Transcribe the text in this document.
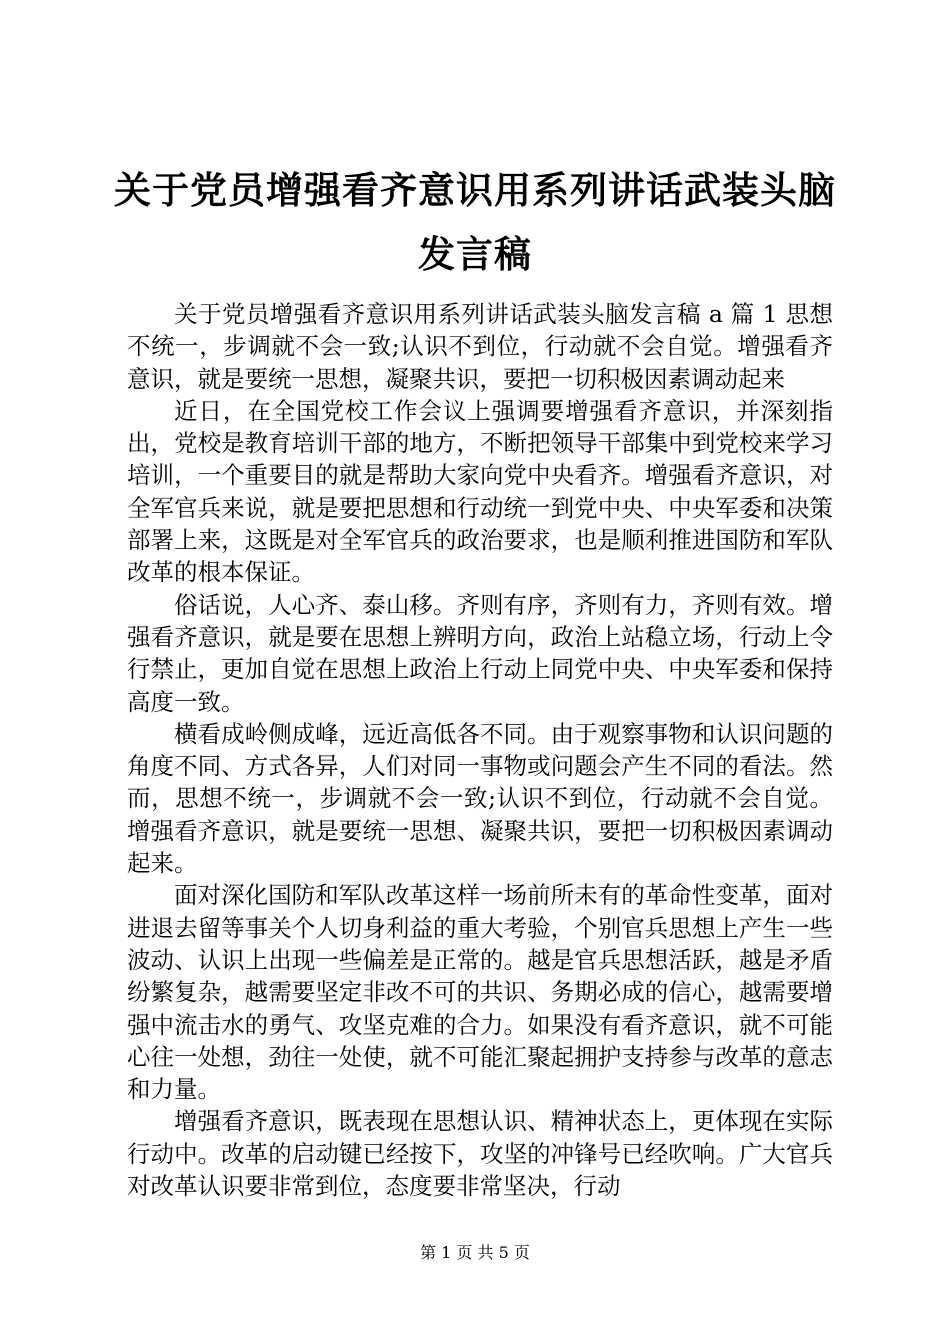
关于党员增强看齐意识用系列讲话武装头脑发言稿

关于党员增强看齐意识用系列讲话武装头脑发言稿 a 篇 1 思想不统一，步调就不会一致;认识不到位，行动就不会自觉。增强看齐意识，就是要统一思想，凝聚共识，要把一切积极因素调动起来

近日，在全国党校工作会议上强调要增强看齐意识，并深刻指出，党校是教育培训干部的地方，不断把领导干部集中到党校来学习培训，一个重要目的就是帮助大家向党中央看齐。增强看齐意识，对全军官兵来说，就是要把思想和行动统一到党中央、中央军委和决策部署上来，这既是对全军官兵的政治要求，也是顺利推进国防和军队改革的根本保证。

俗话说，人心齐、泰山移。齐则有序，齐则有力，齐则有效。增强看齐意识，就是要在思想上辨明方向，政治上站稳立场，行动上令行禁止，更加自觉在思想上政治上行动上同党中央、中央军委和保持高度一致。

横看成岭侧成峰，远近高低各不同。由于观察事物和认识问题的角度不同、方式各异，人们对同一事物或问题会产生不同的看法。然而，思想不统一，步调就不会一致;认识不到位，行动就不会自觉。增强看齐意识，就是要统一思想、凝聚共识，要把一切积极因素调动起来。

面对深化国防和军队改革这样一场前所未有的革命性变革，面对进退去留等事关个人切身利益的重大考验，个别官兵思想上产生一些波动、认识上出现一些偏差是正常的。越是官兵思想活跃，越是矛盾纷繁复杂，越需要坚定非改不可的共识、务期必成的信心，越需要增强中流击水的勇气、攻坚克难的合力。如果没有看齐意识，就不可能心往一处想，劲往一处使，就不可能汇聚起拥护支持参与改革的意志和力量。

增强看齐意识，既表现在思想认识、精神状态上，更体现在实际行动中。改革的启动键已经按下，攻坚的冲锋号已经吹响。广大官兵对改革认识要非常到位，态度要非常坚决，行动

第 1 页 共 5 页
